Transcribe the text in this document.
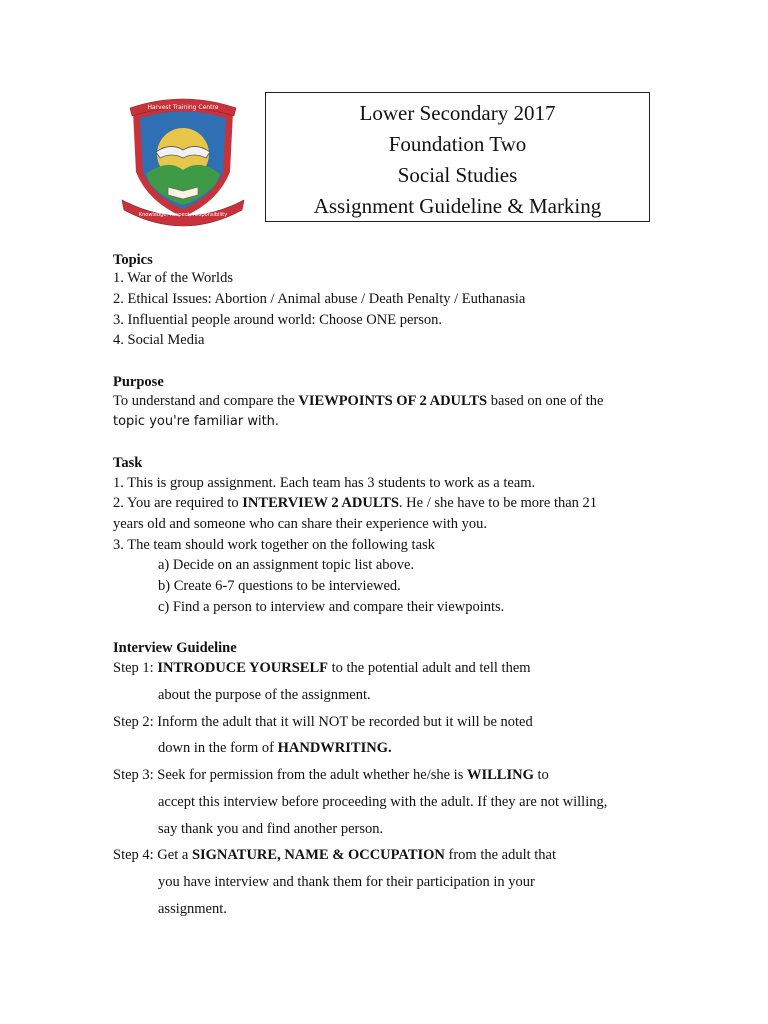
Harvest Training Centre
Knowledge, Respect, Responsibility
Lower Secondary 2017
Foundation Two
Social Studies
Assignment Guideline & Marking
Topics
1. War of the Worlds
2. Ethical Issues: Abortion / Animal abuse / Death Penalty / Euthanasia
3. Influential people around world: Choose ONE person.
4. Social Media
Purpose
To understand and compare the VIEWPOINTS OF 2 ADULTS based on one of the
topic you're familiar with.
Task
1. This is group assignment. Each team has 3 students to work as a team.
2. You are required to INTERVIEW 2 ADULTS. He / she have to be more than 21
years old and someone who can share their experience with you.
3. The team should work together on the following task
a) Decide on an assignment topic list above.
b) Create 6-7 questions to be interviewed.
c) Find a person to interview and compare their viewpoints.
Interview Guideline
Step 1: INTRODUCE YOURSELF to the potential adult and tell them
about the purpose of the assignment.
Step 2: Inform the adult that it will NOT be recorded but it will be noted
down in the form of HANDWRITING.
Step 3: Seek for permission from the adult whether he/she is WILLING to
accept this interview before proceeding with the adult. If they are not willing,
say thank you and find another person.
Step 4: Get a SIGNATURE, NAME & OCCUPATION from the adult that
you have interview and thank them for their participation in your
assignment.
